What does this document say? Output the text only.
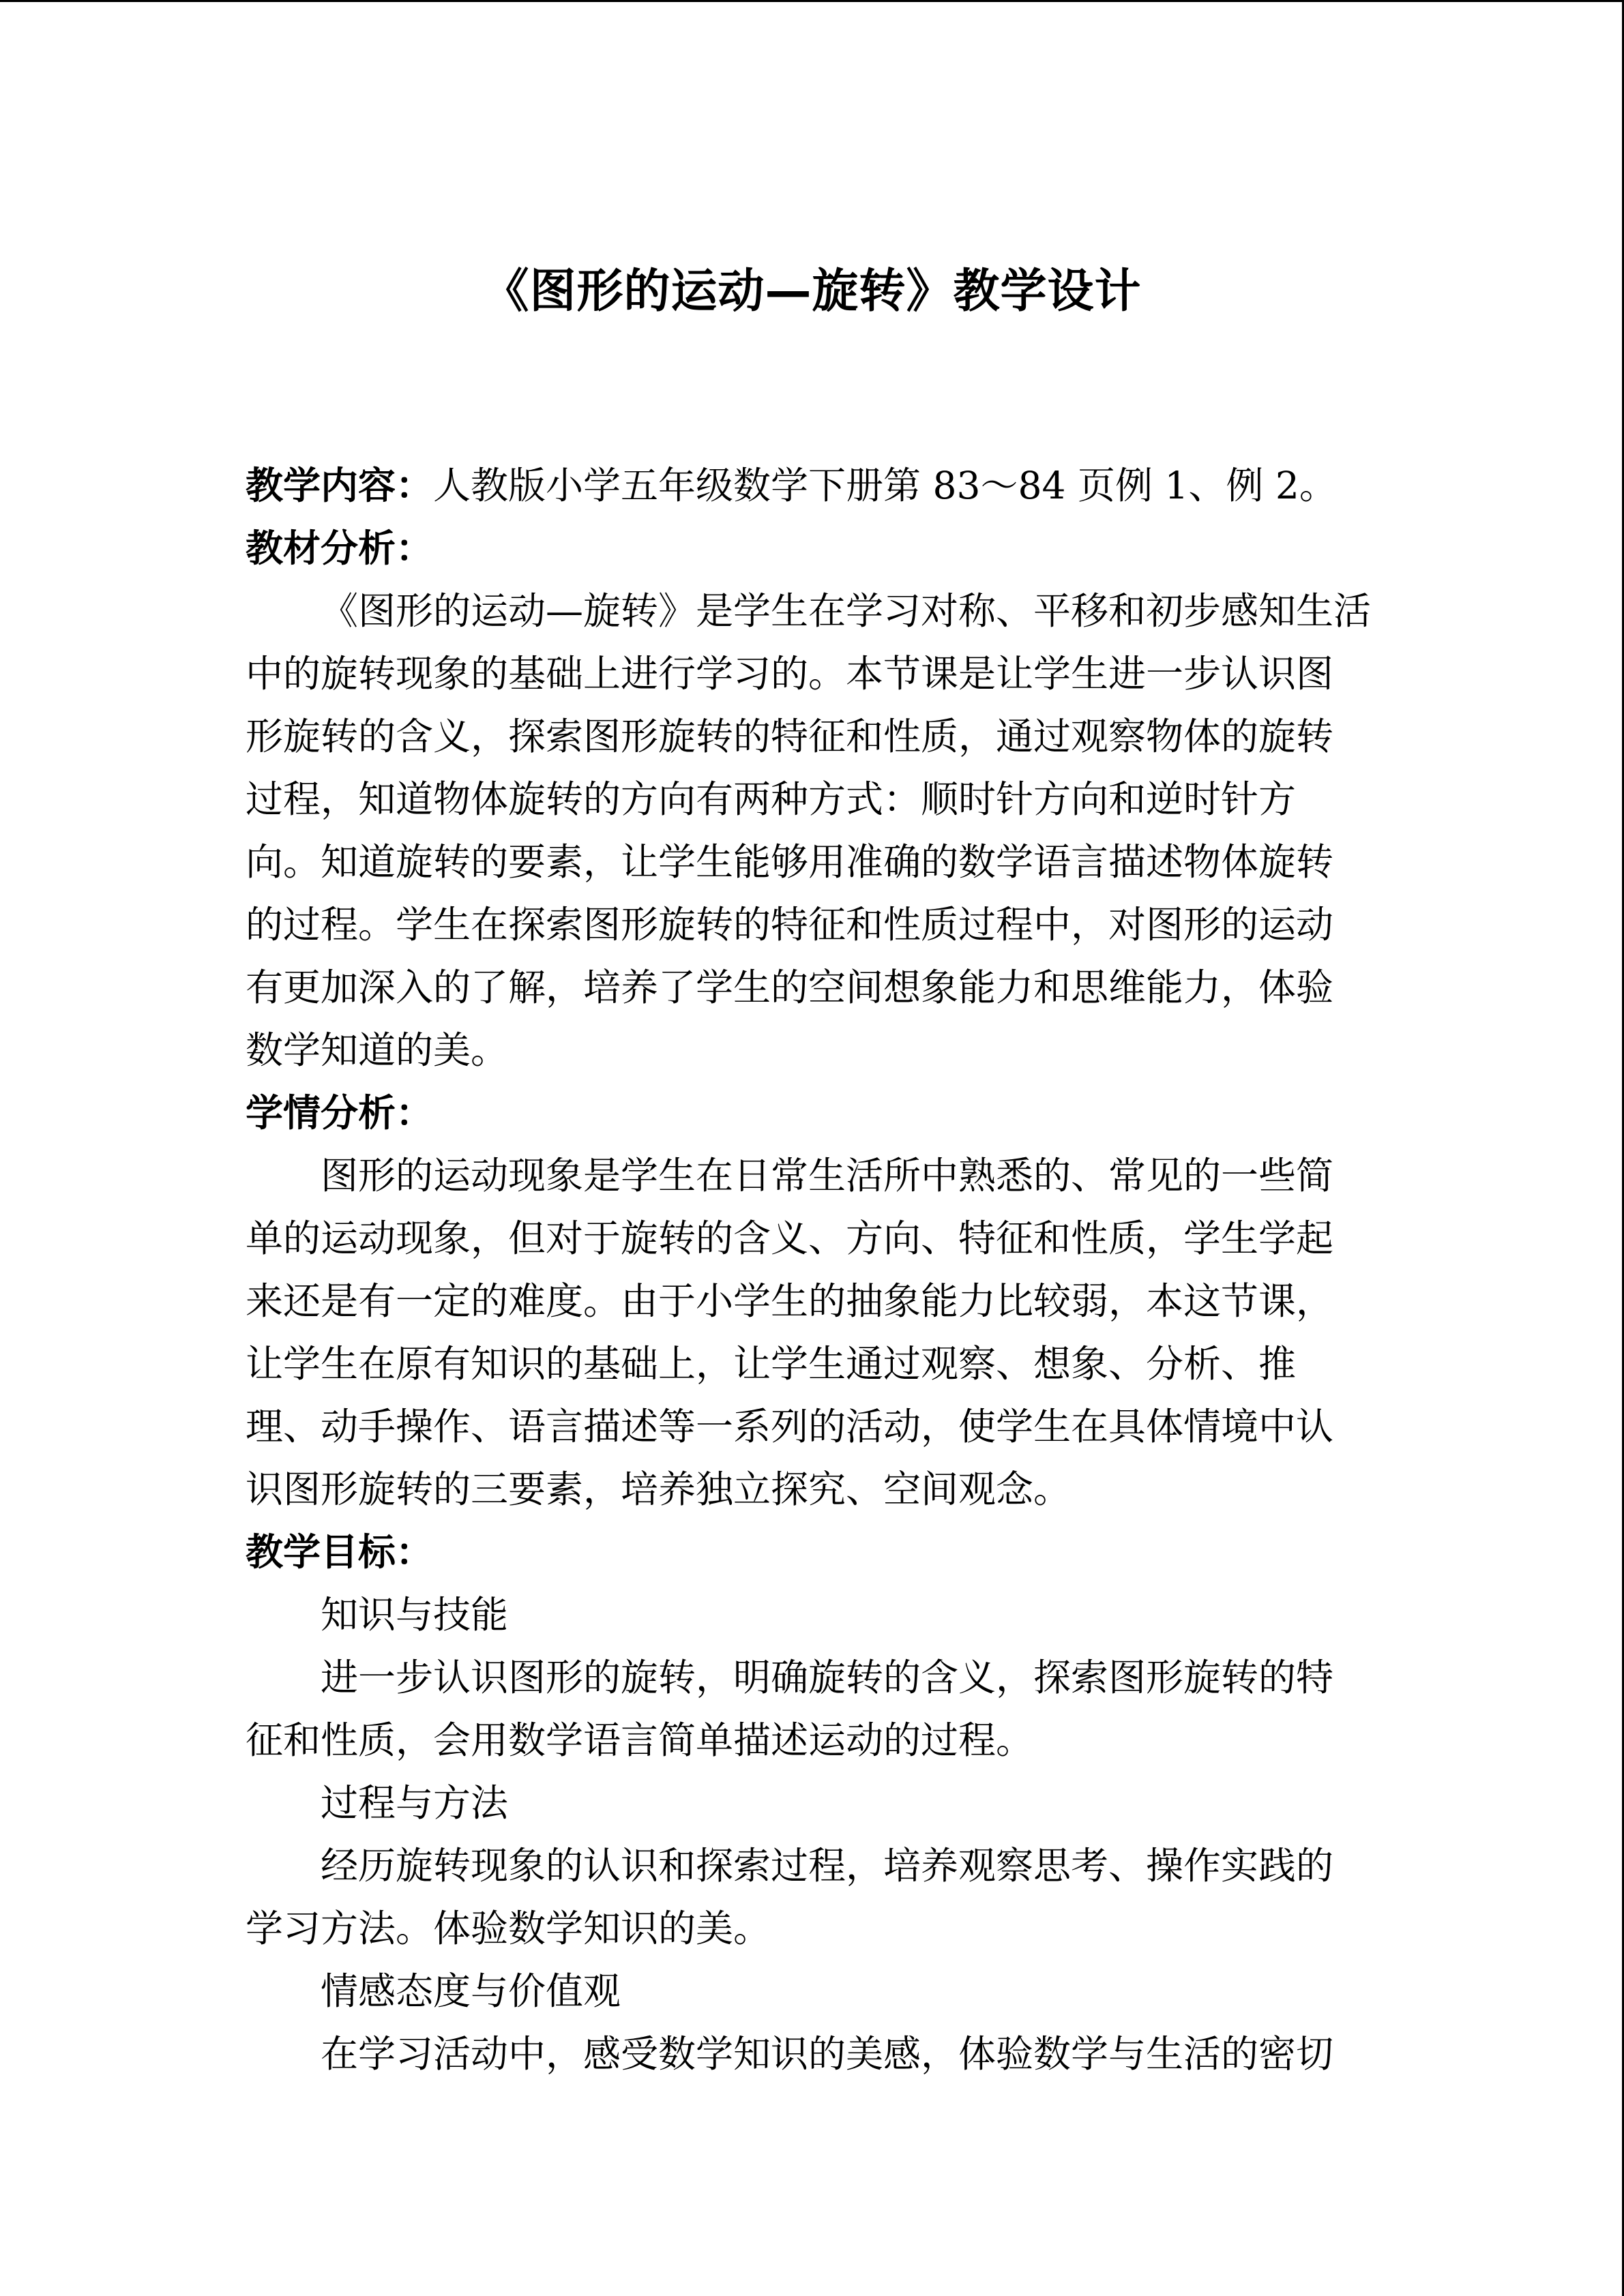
《图形的运动—旋转》教学设计
教学内容：人教版小学五年级数学下册第 83～84 页例 1、例 2。
教材分析：
《图形的运动—旋转》是学生在学习对称、平移和初步感知生活
中的旋转现象的基础上进行学习的。本节课是让学生进一步认识图
形旋转的含义，探索图形旋转的特征和性质，通过观察物体的旋转
过程，知道物体旋转的方向有两种方式：顺时针方向和逆时针方
向。知道旋转的要素，让学生能够用准确的数学语言描述物体旋转
的过程。学生在探索图形旋转的特征和性质过程中，对图形的运动
有更加深入的了解，培养了学生的空间想象能力和思维能力，体验
数学知道的美。
学情分析：
图形的运动现象是学生在日常生活所中熟悉的、常见的一些简
单的运动现象，但对于旋转的含义、方向、特征和性质，学生学起
来还是有一定的难度。由于小学生的抽象能力比较弱，本这节课，
让学生在原有知识的基础上，让学生通过观察、想象、分析、推
理、动手操作、语言描述等一系列的活动，使学生在具体情境中认
识图形旋转的三要素，培养独立探究、空间观念。
教学目标：
知识与技能
进一步认识图形的旋转，明确旋转的含义，探索图形旋转的特
征和性质，会用数学语言简单描述运动的过程。
过程与方法
经历旋转现象的认识和探索过程，培养观察思考、操作实践的
学习方法。体验数学知识的美。
情感态度与价值观
在学习活动中，感受数学知识的美感，体验数学与生活的密切
